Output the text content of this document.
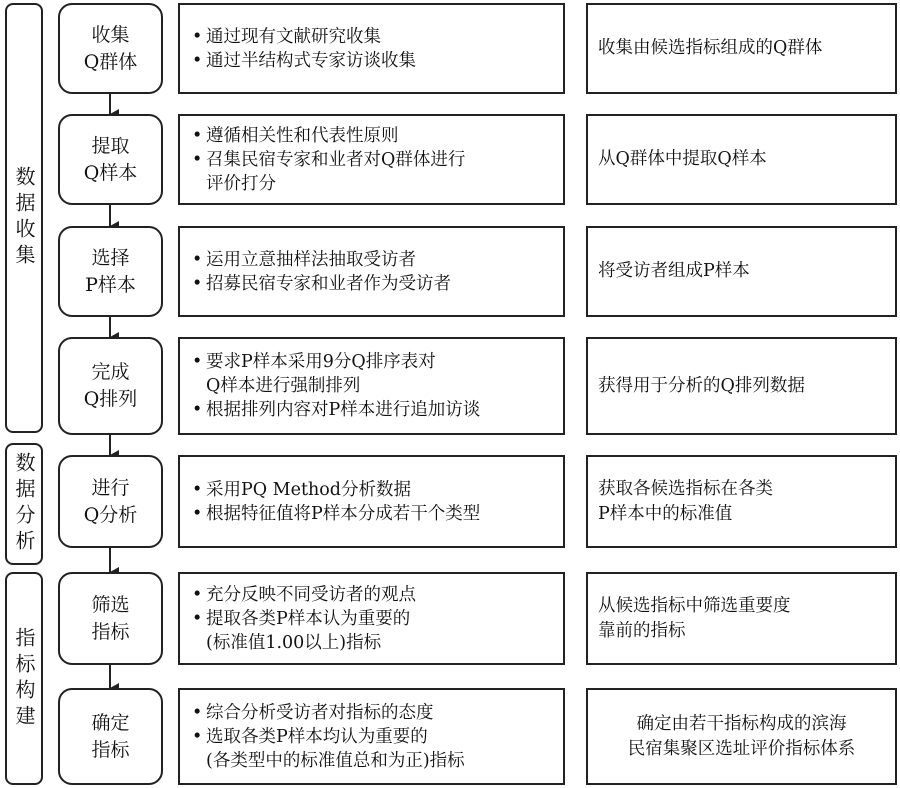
数据收集
数据分析
指标构建
收集
Q群体
• 通过现有文献研究收集
• 通过半结构式专家访谈收集
收集由候选指标组成的Q群体
提取
Q样本
• 遵循相关性和代表性原则
• 召集民宿专家和业者对Q群体进行
评价打分
从Q群体中提取Q样本
选择
P样本
• 运用立意抽样法抽取受访者
• 招募民宿专家和业者作为受访者
将受访者组成P样本
完成
Q排列
• 要求P样本采用9分Q排序表对
Q样本进行强制排列
• 根据排列内容对P样本进行追加访谈
获得用于分析的Q排列数据
进行
Q分析
• 采用PQ Method分析数据
• 根据特征值将P样本分成若干个类型
获取各候选指标在各类
P样本中的标准值
筛选
指标
• 充分反映不同受访者的观点
• 提取各类P样本认为重要的
(标准值1.00以上)指标
从候选指标中筛选重要度
靠前的指标
确定
指标
• 综合分析受访者对指标的态度
• 选取各类P样本均认为重要的
(各类型中的标准值总和为正)指标
确定由若干指标构成的滨海
民宿集聚区选址评价指标体系
